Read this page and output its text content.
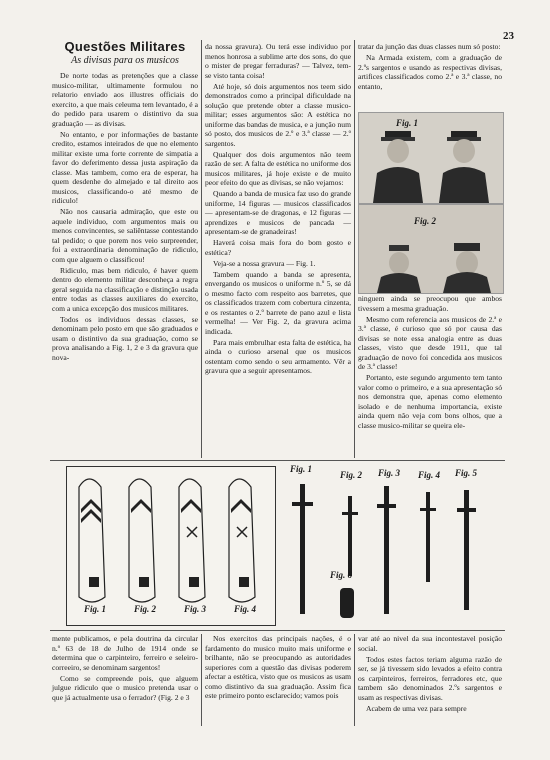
23
Questões Militares
As divisas para os musicos

De norte todas as pretenções que a classe musico-militar, ultimamente formulou no relatorio enviado aos illustres officiais do exercito, a que mais celeuma tem levantado, é a do pedido para usarem o distintivo da sua graduação — as divisas.

No entanto, e por informações de bastante credito, estamos inteirados de que no elemento militar existe uma forte corrente de simpatia a favor do deferimento dessa justa aspiração da classe. Mas tambem, como era de esperar, ha quem desdenhe do almejado e tal direito aos musicos, classificando-o até mesmo de ridiculo!

Não nos causaria admiração, que este ou aquele individuo, com argumentos mais ou menos convincentes, se saliêntasse contestando tal pedido; o que porem nos veio surpreender, foi a extraordinaria denominação de ridiculo, com que alguem o classificou!

Ridiculo, mas bem ridiculo, é haver quem dentro do elemento militar desconheça a regra geral seguida na classificação e distinção usada entre todas as classes auxiliares do exercito, com a unica excepção dos musicos militares.

Todos os individuos dessas classes, se denominam pelo posto em que são graduados e usam o distintivo da sua graduação, como se prova analisando a Fig. 1, 2 e 3 da gravura que nova-

da nossa gravura). Ou terá esse individuo por menos honrosa a sublime arte dos sons, do que o mister de pregar ferraduras? — Talvez, tem-se visto tanta coisa!

Até hoje, só dois argumentos nos teem sido demonstrados como a principal dificuldade na solução que pretende obter a classe musico-militar; esses argumentos são: A estética no uniforme das bandas de musica, e a junção num só posto, dos musicos de 2.º e 3.ª classe — 2.º sargentos.

Qualquer dos dois argumentos não teem razão de ser. A falta de estética no uniforme dos musicos militares, já hoje existe e de muito peor efeito do que as divisas, se não vejamos:

Quando a banda de musica faz uso do grande uniforme, 14 figuras — musicos classificados — apresentam-se de dragonas, e 12 figuras — aprendizes e musicos de pancada — apresentam-se de granadeiras!

Haverá coisa mais fora do bom gosto e estética?

Veja-se a nossa gravura — Fig. 1.

Tambem quando a banda se apresenta, envergando os musicos o uniforme n.º 5, se dá o mesmo facto com respeito aos barretes, que os classificados trazem com cobertura cinzenta, e os restantes o 2.º barrete de pano azul e lista vermelha! — Ver Fig. 2, da gravura acima indicada.

Para mais embrulhar esta falta de estética, ha ainda o curioso arsenal que os musicos ostentam como sendo o seu armamento. Vêr a gravura que a seguir apresentamos.

tratar da junção das duas classes num só posto:

Na Armada existem, com a graduação de 2.ºs sargentos e usando as respectivas divisas, artifices classificados como 2.ª e 3.ª classe, no entanto,

Fig. 1
Fig. 2

ninguem ainda se preocupou que ambos tivessem a mesma graduação.

Mesmo com referencia aos musicos de 2.ª e 3.ª classe, é curioso que só por causa das divisas se note essa analogia entre as duas classes, visto que desde 1911, que tal graduação de novo foi concedida aos musicos de 3.ª classe!

Portanto, este segundo argumento tem tanto valor como o primeiro, e a sua apresentação só nos demonstra que, apenas como elemento isolado e de nenhuma importancia, existe ainda quem não veja com bons olhos, que a classe musico-militar se queira ele-

Fig. 1	Fig. 2	Fig. 3	Fig. 4
Fig. 1
Fig. 2 Fig. 3 Fig. 4 Fig. 5
Fig. 6

mente publicamos, e pela doutrina da circular n.º 63 de 18 de Julho de 1914 onde se determina que o carpinteiro, ferreiro e seleiro-correeiro, se denominam sargentos!

Como se compreende pois, que alguem julgue ridiculo que o musico pretenda usar o que já actualmente usa o ferrador? (Fig. 2 e 3

Nos exercitos das principais nações, é o fardamento do musico muito mais uniforme e brilhante, não se preocupando as autoridades superiores com a questão das divisas poderem afectar a estética, visto que os musicos as usam como distintivo da sua graduação. Assim fica este primeiro ponto esclarecido; vamos pois

var até ao nivel da sua incontestavel posição social.

Todos estes factos teriam alguma razão de ser, se já tivessem sido levados a efeito contra os carpinteiros, ferreiros, ferradores etc, que tambem são denominados 2.ºs sargentos e usam as respectivas divisas.

Acabem de uma vez para sempre
